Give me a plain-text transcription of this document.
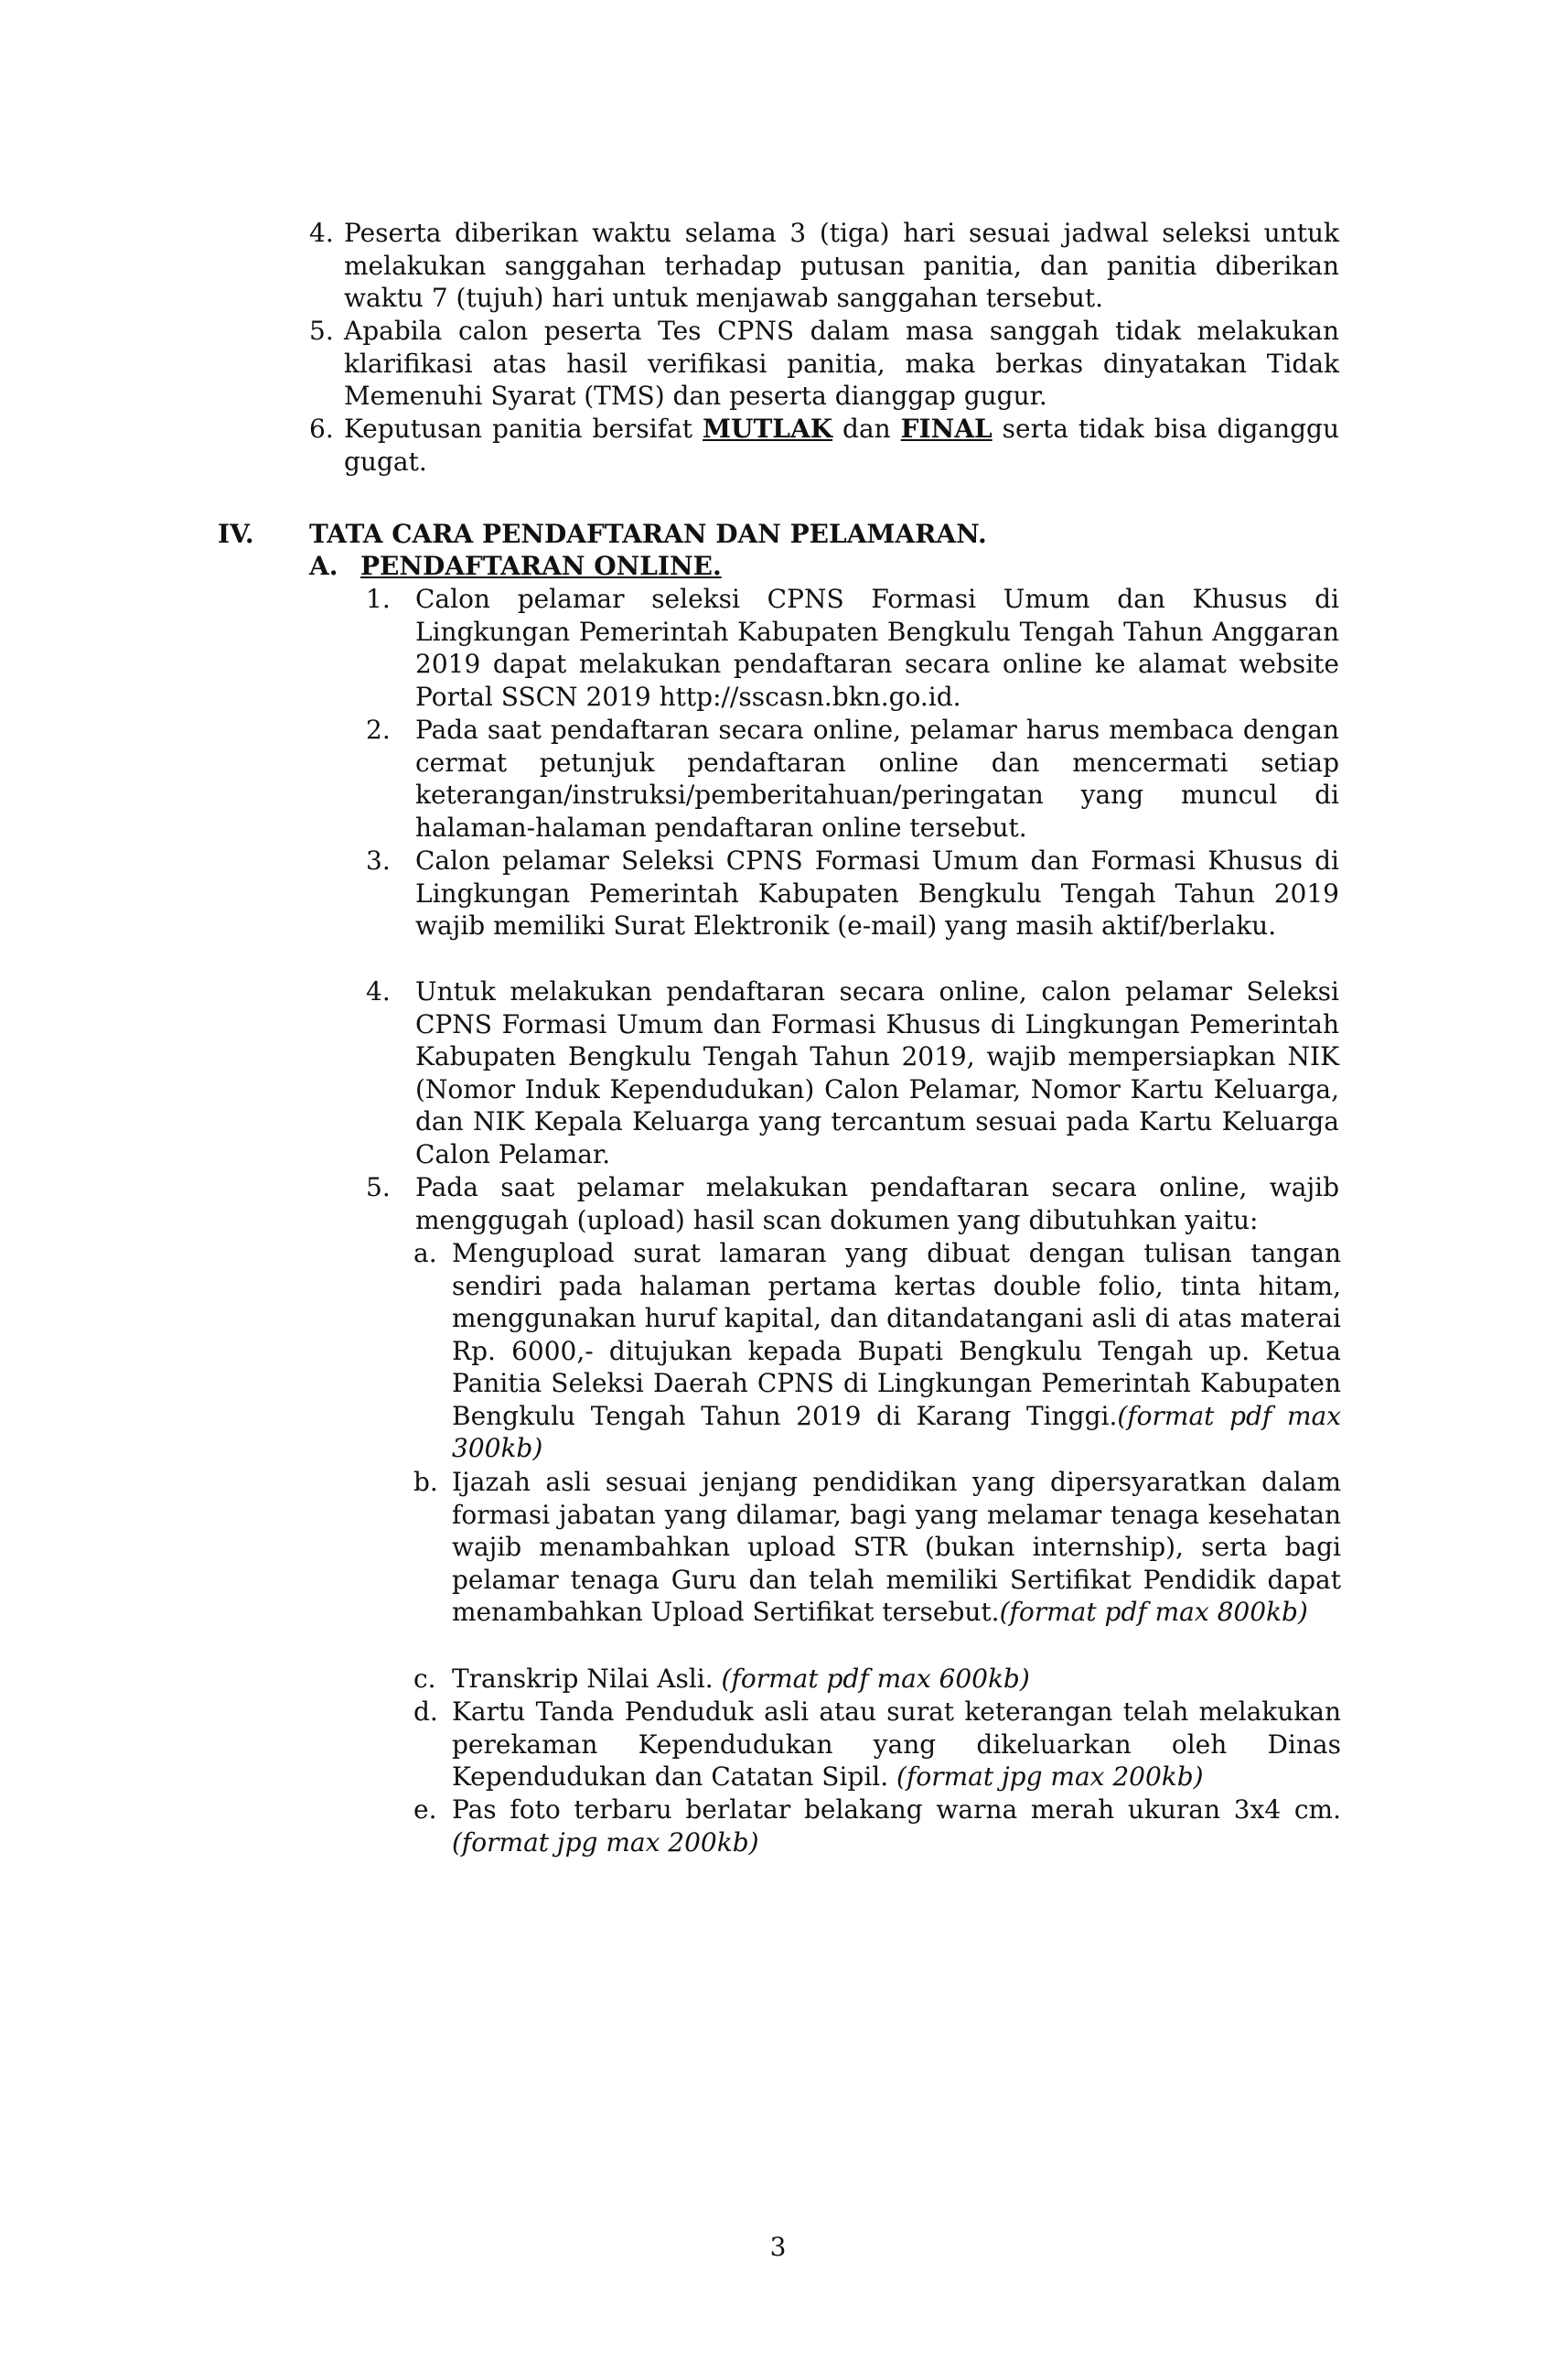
4. Peserta diberikan waktu selama 3 (tiga) hari sesuai jadwal seleksi untuk melakukan sanggahan terhadap putusan panitia, dan panitia diberikan waktu 7 (tujuh) hari untuk menjawab sanggahan tersebut.
5. Apabila calon peserta Tes CPNS dalam masa sanggah tidak melakukan klarifikasi atas hasil verifikasi panitia, maka berkas dinyatakan Tidak Memenuhi Syarat (TMS) dan peserta dianggap gugur.
6. Keputusan panitia bersifat MUTLAK dan FINAL serta tidak bisa diganggu gugat.
IV. TATA CARA PENDAFTARAN DAN PELAMARAN.
A. PENDAFTARAN ONLINE.
1. Calon pelamar seleksi CPNS Formasi Umum dan Khusus di Lingkungan Pemerintah Kabupaten Bengkulu Tengah Tahun Anggaran 2019 dapat melakukan pendaftaran secara online ke alamat website Portal SSCN 2019 http://sscasn.bkn.go.id.
2. Pada saat pendaftaran secara online, pelamar harus membaca dengan cermat petunjuk pendaftaran online dan mencermati setiap keterangan/instruksi/pemberitahuan/peringatan yang muncul di halaman-halaman pendaftaran online tersebut.
3. Calon pelamar Seleksi CPNS Formasi Umum dan Formasi Khusus di Lingkungan Pemerintah Kabupaten Bengkulu Tengah Tahun 2019 wajib memiliki Surat Elektronik (e-mail) yang masih aktif/berlaku.
4. Untuk melakukan pendaftaran secara online, calon pelamar Seleksi CPNS Formasi Umum dan Formasi Khusus di Lingkungan Pemerintah Kabupaten Bengkulu Tengah Tahun 2019, wajib mempersiapkan NIK (Nomor Induk Kependudukan) Calon Pelamar, Nomor Kartu Keluarga, dan NIK Kepala Keluarga yang tercantum sesuai pada Kartu Keluarga Calon Pelamar.
5. Pada saat pelamar melakukan pendaftaran secara online, wajib menggugah (upload) hasil scan dokumen yang dibutuhkan yaitu:
a. Mengupload surat lamaran yang dibuat dengan tulisan tangan sendiri pada halaman pertama kertas double folio, tinta hitam, menggunakan huruf kapital, dan ditandatangani asli di atas materai Rp. 6000,- ditujukan kepada Bupati Bengkulu Tengah up. Ketua Panitia Seleksi Daerah CPNS di Lingkungan Pemerintah Kabupaten Bengkulu Tengah Tahun 2019 di Karang Tinggi.(format pdf max 300kb)
b. Ijazah asli sesuai jenjang pendidikan yang dipersyaratkan dalam formasi jabatan yang dilamar, bagi yang melamar tenaga kesehatan wajib menambahkan upload STR (bukan internship), serta bagi pelamar tenaga Guru dan telah memiliki Sertifikat Pendidik dapat menambahkan Upload Sertifikat tersebut.(format pdf max 800kb)
c. Transkrip Nilai Asli. (format pdf max 600kb)
d. Kartu Tanda Penduduk asli atau surat keterangan telah melakukan perekaman Kependudukan yang dikeluarkan oleh Dinas Kependudukan dan Catatan Sipil. (format jpg max 200kb)
e. Pas foto terbaru berlatar belakang warna merah ukuran 3x4 cm. (format jpg max 200kb)
3
